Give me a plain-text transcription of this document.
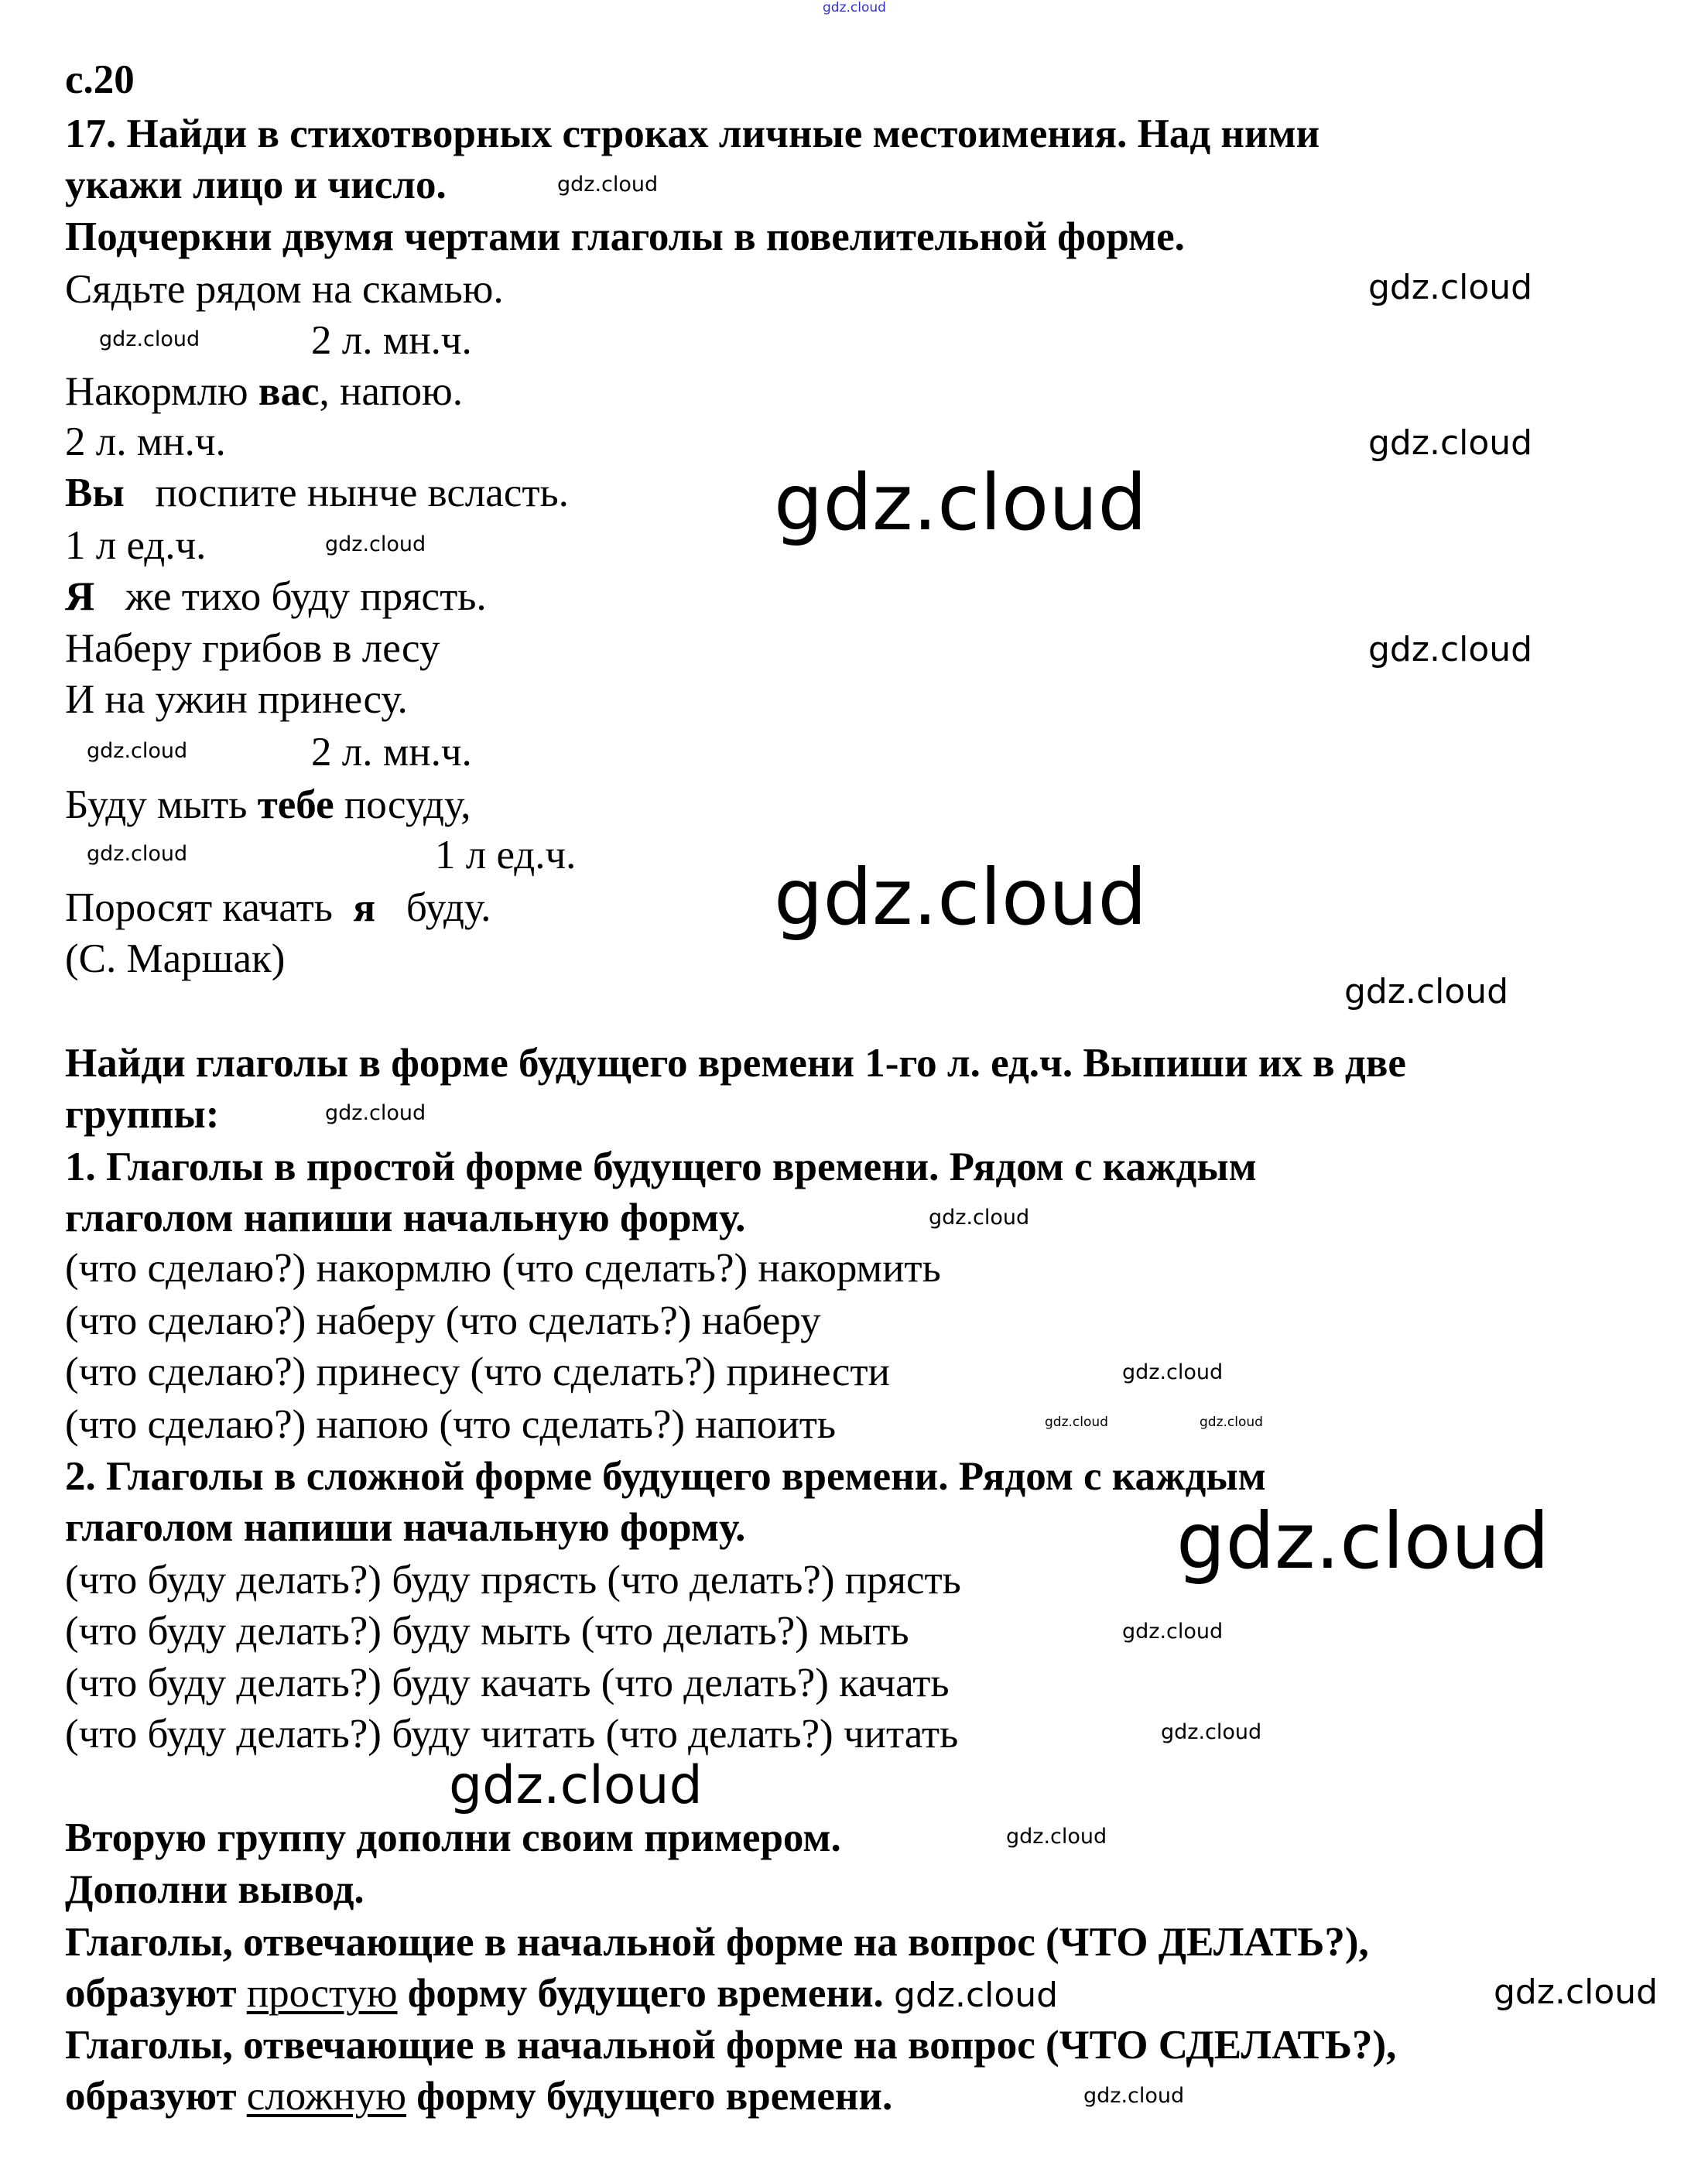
gdz.cloud
с.20
17. Найди в стихотворных строках личные местоимения. Над ними
укажи лицо и число.
Подчеркни двумя чертами глаголы в повелительной форме.
Сядьте рядом на скамью.
2 л. мн.ч.
Накормлю вас, напою.
2 л. мн.ч.
Вы   поспите нынче всласть.
1 л ед.ч.
Я   же тихо буду прясть.
Наберу грибов в лесу
И на ужин принесу.
2 л. мн.ч.
Буду мыть тебе посуду,
1 л ед.ч.
Поросят качать  я   буду.
(С. Маршак)
Найди глаголы в форме будущего времени 1-го л. ед.ч. Выпиши их в две
группы:
1. Глаголы в простой форме будущего времени. Рядом с каждым
глаголом напиши начальную форму.
(что сделаю?) накормлю (что сделать?) накормить
(что сделаю?) наберу (что сделать?) наберу
(что сделаю?) принесу (что сделать?) принести
(что сделаю?) напою (что сделать?) напоить
2. Глаголы в сложной форме будущего времени. Рядом с каждым
глаголом напиши начальную форму.
(что буду делать?) буду прясть (что делать?) прясть
(что буду делать?) буду мыть (что делать?) мыть
(что буду делать?) буду качать (что делать?) качать
(что буду делать?) буду читать (что делать?) читать
Вторую группу дополни своим примером.
Дополни вывод.
Глаголы, отвечающие в начальной форме на вопрос (ЧТО ДЕЛАТЬ?),
образуют простую форму будущего времени. gdz.cloud
Глаголы, отвечающие в начальной форме на вопрос (ЧТО СДЕЛАТЬ?),
образуют сложную форму будущего времени.
gdz.cloud
gdz.cloud
gdz.cloud
gdz.cloud
gdz.cloud
gdz.cloud
gdz.cloud
gdz.cloud
gdz.cloud	gdz.cloud
gdz.cloud
gdz.cloud
gdz.cloud
gdz.cloud
gdz.cloud
gdz.cloud
gdz.cloud
gdz.cloud
gdz.cloud
gdz.cloud
gdz.cloud
gdz.cloud
gdz.cloud
